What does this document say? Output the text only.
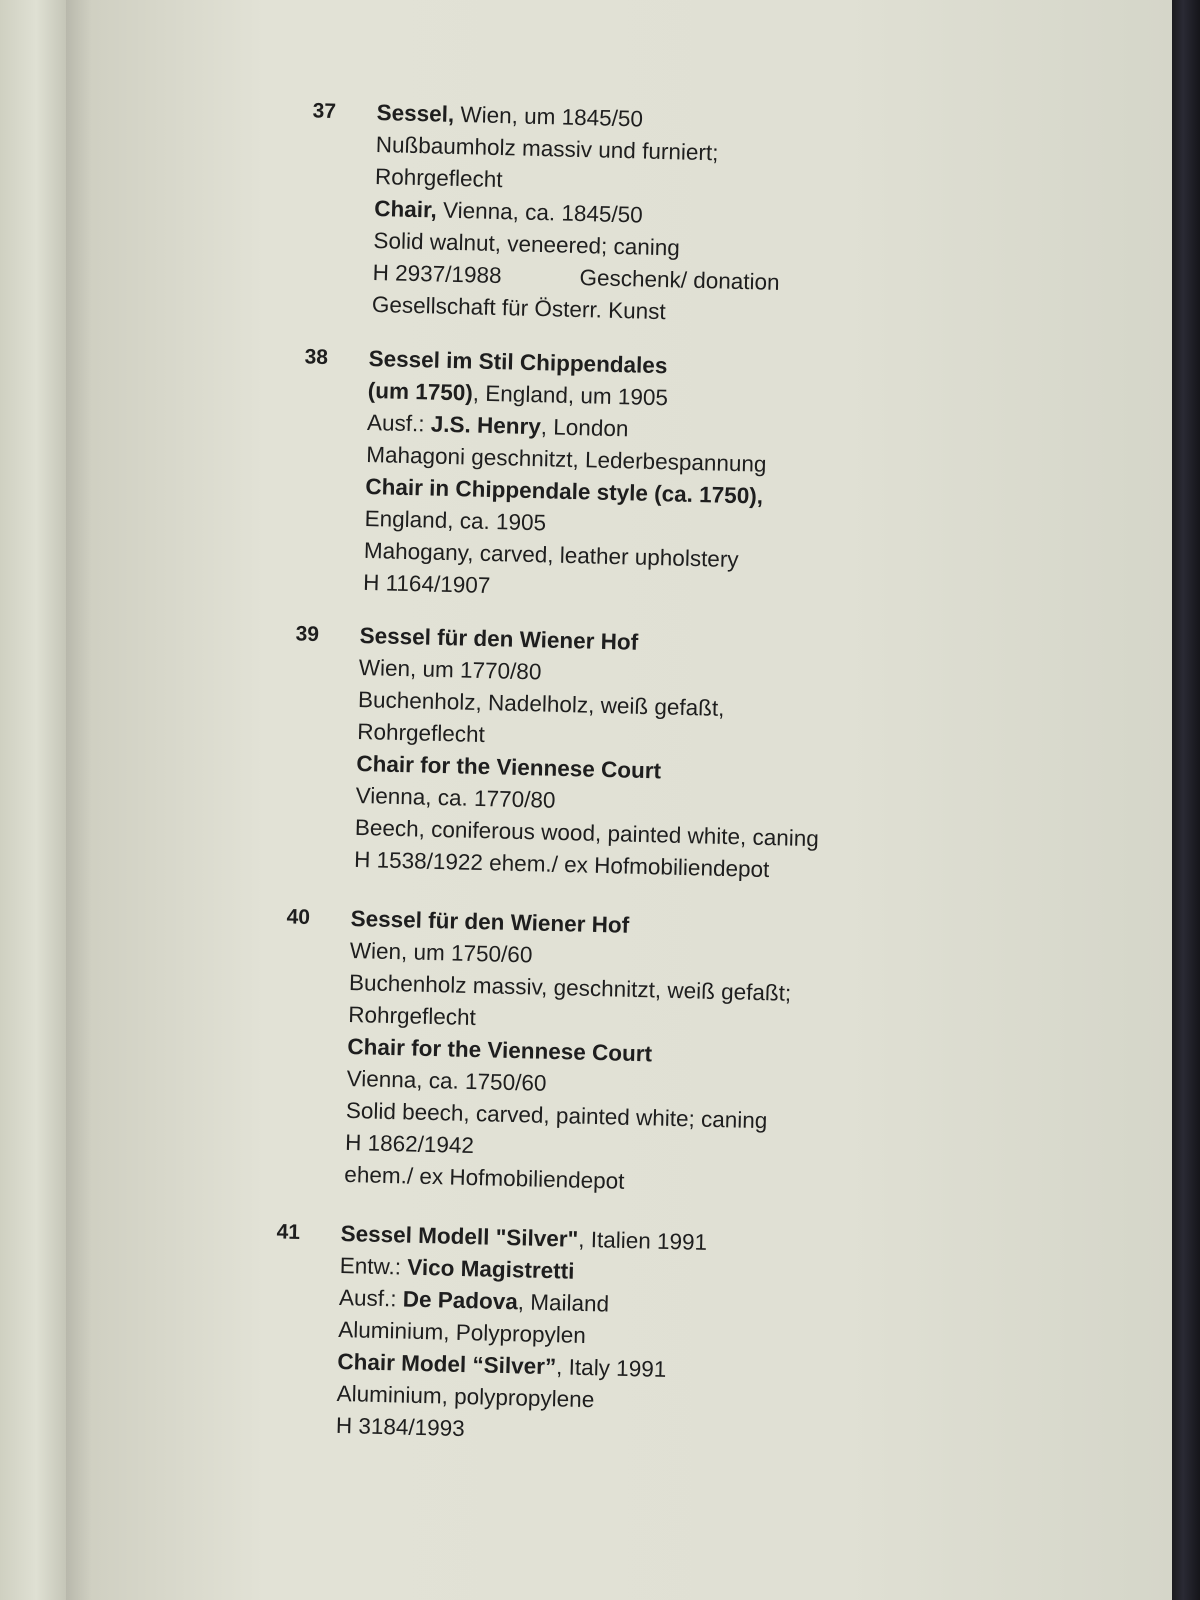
37	Sessel, Wien, um 1845/50
Nußbaumholz massiv und furniert;
Rohrgeflecht
Chair, Vienna, ca. 1845/50
Solid walnut, veneered; caning
H 2937/1988	Geschenk/ donation
Gesellschaft für Österr. Kunst
38	Sessel im Stil Chippendales
(um 1750), England, um 1905
Ausf.: J.S. Henry, London
Mahagoni geschnitzt, Lederbespannung
Chair in Chippendale style (ca. 1750),
England, ca. 1905
Mahogany, carved, leather upholstery
H 1164/1907
39	Sessel für den Wiener Hof
Wien, um 1770/80
Buchenholz, Nadelholz, weiß gefaßt,
Rohrgeflecht
Chair for the Viennese Court
Vienna, ca. 1770/80
Beech, coniferous wood, painted white, caning
H 1538/1922 ehem./ ex Hofmobiliendepot
40	Sessel für den Wiener Hof
Wien, um 1750/60
Buchenholz massiv, geschnitzt, weiß gefaßt;
Rohrgeflecht
Chair for the Viennese Court
Vienna, ca. 1750/60
Solid beech, carved, painted white; caning
H 1862/1942
ehem./ ex Hofmobiliendepot
41	Sessel Modell "Silver", Italien 1991
Entw.: Vico Magistretti
Ausf.: De Padova, Mailand
Aluminium, Polypropylen
Chair Model “Silver”, Italy 1991
Aluminium, polypropylene
H 3184/1993
